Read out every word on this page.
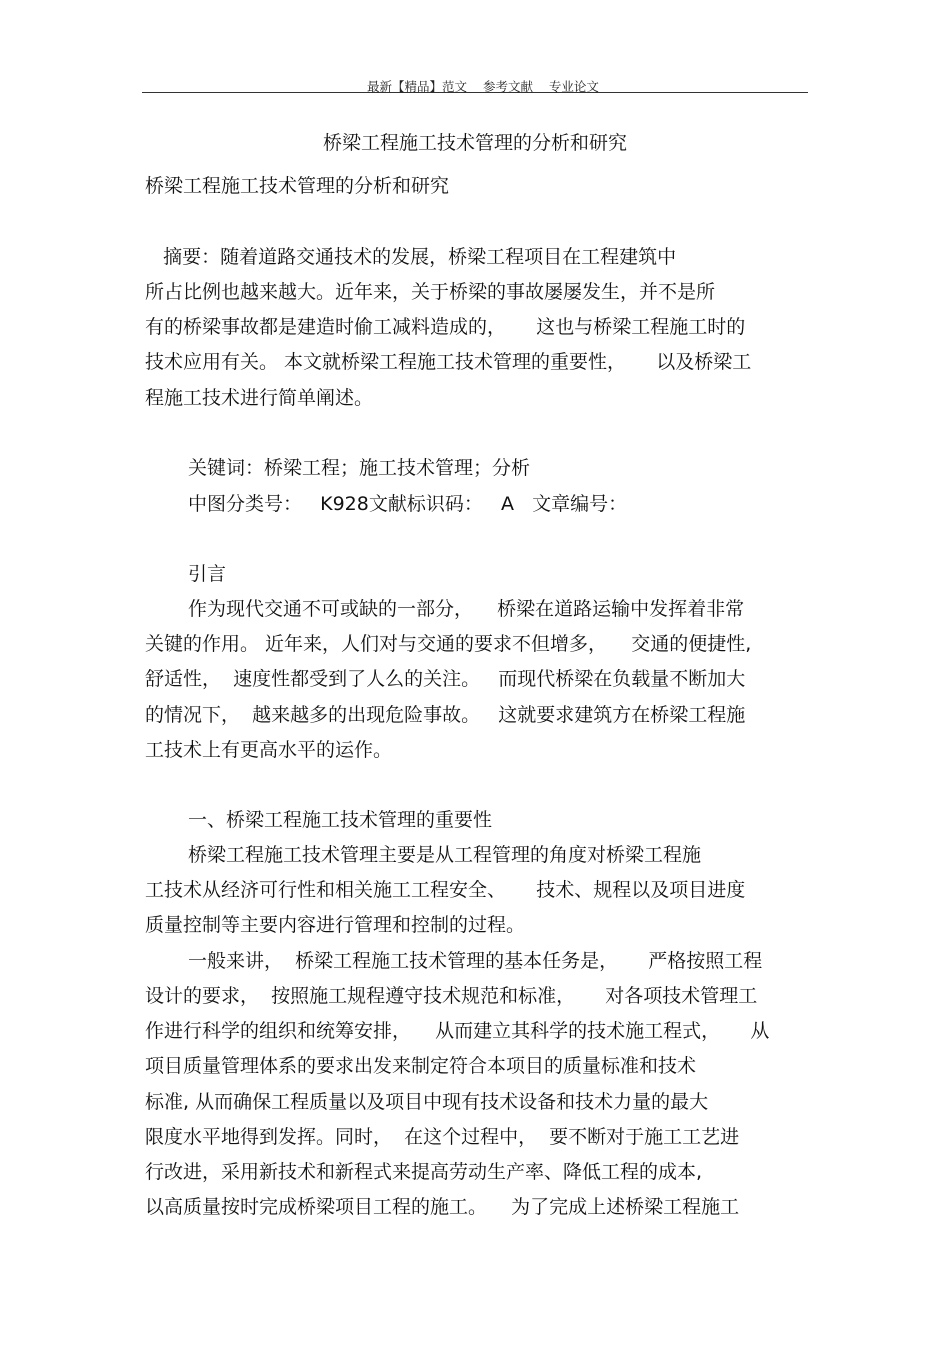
最新【精品】范文    参考文献    专业论文

桥梁工程施工技术管理的分析和研究
桥梁工程施工技术管理的分析和研究
摘要：随着道路交通技术的发展，桥梁工程项目在工程建筑中
所占比例也越来越大。近年来，关于桥梁的事故屡屡发生，并不是所
有的桥梁事故都是建造时偷工减料造成的，     这也与桥梁工程施工时的
技术应用有关。 本文就桥梁工程施工技术管理的重要性，     以及桥梁工
程施工技术进行简单阐述。
关键词：桥梁工程；施工技术管理；分析
中图分类号：   K928文献标识码：   A   文章编号：
引言
作为现代交通不可或缺的一部分，    桥梁在道路运输中发挥着非常
关键的作用。 近年来，人们对与交通的要求不但增多，    交通的便捷性,
舒适性，  速度性都受到了人么的关注。   而现代桥梁在负载量不断加大
的情况下，  越来越多的出现危险事故。   这就要求建筑方在桥梁工程施
工技术上有更高水平的运作。
一、桥梁工程施工技术管理的重要性
桥梁工程施工技术管理主要是从工程管理的角度对桥梁工程施
工技术从经济可行性和相关施工工程安全、     技术、规程以及项目进度
质量控制等主要内容进行管理和控制的过程。
一般来讲，  桥梁工程施工技术管理的基本任务是，     严格按照工程
设计的要求，  按照施工规程遵守技术规范和标准，     对各项技术管理工
作进行科学的组织和统筹安排，    从而建立其科学的技术施工程式，     从
项目质量管理体系的要求出发来制定符合本项目的质量标准和技术
标准, 从而确保工程质量以及项目中现有技术设备和技术力量的最大
限度水平地得到发挥。同时，  在这个过程中，  要不断对于施工工艺进
行改进，采用新技术和新程式来提高劳动生产率、降低工程的成本,
以高质量按时完成桥梁项目工程的施工。    为了完成上述桥梁工程施工
